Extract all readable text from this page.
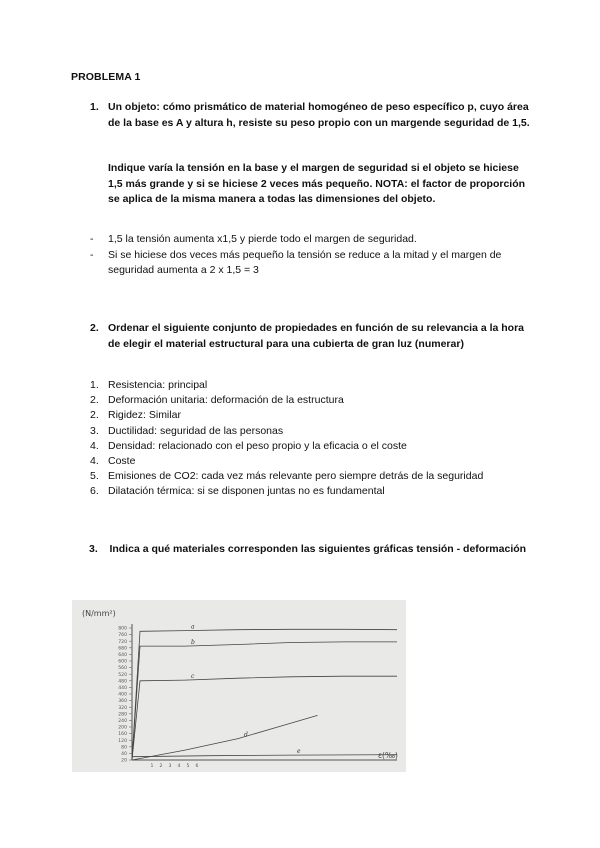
PROBLEMA 1
1. Un objeto: cómo prismático de material homogéneo de peso específico p, cuyo área de la base es A y altura h, resiste su peso propio con un margende seguridad de 1,5.
Indique varía la tensión en la base y el margen de seguridad si el objeto se hiciese 1,5 más grande y si se hiciese 2 veces más pequeño. NOTA: el factor de proporción se aplica de la misma manera a todas las dimensiones del objeto.
- 1,5 la tensión aumenta x1,5 y pierde todo el margen de seguridad.
- Si se hiciese dos veces más pequeño la tensión se reduce a la mitad y el margen de seguridad aumenta a 2 x 1,5 = 3
2. Ordenar el siguiente conjunto de propiedades en función de su relevancia a la hora de elegir el material estructural para una cubierta de gran luz (numerar)
1. Resistencia: principal
2. Deformación unitaria: deformación de la estructura
2. Rigidez: Similar
3. Ductilidad: seguridad de las personas
4. Densidad: relacionado con el peso propio y la eficacia o el coste
4. Coste
5. Emisiones de CO2: cada vez más relevante pero siempre detrás de la seguridad
6. Dilatación térmica: si se disponen juntas no es fundamental
3. Indica a qué materiales corresponden las siguientes gráficas tensión - deformación
800
760
720
680
640
600
560
520
480
440
400
360
320
280
240
200
160
120
80
40
20
1 2 3 4 5 6
a
b
c
d
e
(N/mm²)
ε(‰)
